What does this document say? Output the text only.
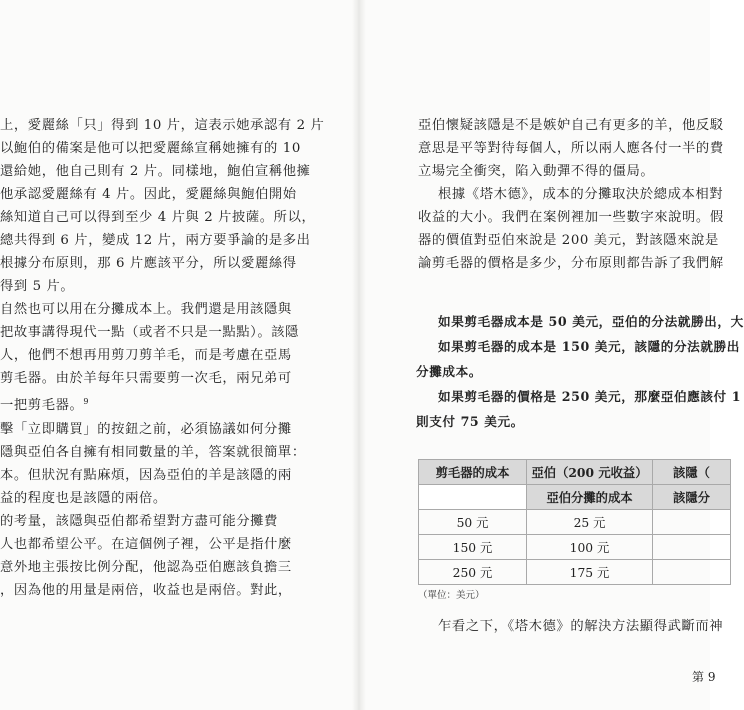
上，愛麗絲「只」得到 10 片，這表示她承認有 2 片
以鮑伯的備案是他可以把愛麗絲宣稱她擁有的 10
還給她，他自己則有 2 片。同樣地，鮑伯宣稱他擁
他承認愛麗絲有 4 片。因此，愛麗絲與鮑伯開始
絲知道自己可以得到至少 4 片與 2 片披薩。所以，
總共得到 6 片，變成 12 片，兩方要爭論的是多出
根據分布原則，那 6 片應該平分，所以愛麗絲得
得到 5 片。
自然也可以用在分攤成本上。我們還是用該隱與
把故事講得現代一點（或者不只是一點點）。該隱
人，他們不想再用剪刀剪羊毛，而是考慮在亞馬
剪毛器。由於羊每年只需要剪一次毛，兩兄弟可
一把剪毛器。$^9$
擊「立即購買」的按鈕之前，必須協議如何分攤
隱與亞伯各自擁有相同數量的羊，答案就很簡單：
本。但狀況有點麻煩，因為亞伯的羊是該隱的兩
益的程度也是該隱的兩倍。
的考量，該隱與亞伯都希望對方盡可能分攤費
人也都希望公平。在這個例子裡，公平是指什麼
意外地主張按比例分配，他認為亞伯應該負擔三
，因為他的用量是兩倍，收益也是兩倍。對此，
亞伯懷疑該隱是不是嫉妒自己有更多的羊，他反駁
意思是平等對待每個人，所以兩人應各付一半的費
立場完全衝突，陷入動彈不得的僵局。
根據《塔木德》，成本的分攤取決於總成本相對
收益的大小。我們在案例裡加一些數字來說明。假
器的價值對亞伯來說是 200 美元，對該隱來說是
論剪毛器的價格是多少，分布原則都告訴了我們解
如果剪毛器成本是 50 美元，亞伯的分法就勝出，大
如果剪毛器的成本是 150 美元，該隱的分法就勝出
分攤成本。
如果剪毛器的價格是 250 美元，那麼亞伯應該付 1
則支付 75 美元。
剪毛器的成本	亞伯（200 元收益）	該隱（
	亞伯分攤的成本	該隱分
50 元	25 元	
150 元	100 元	
250 元	175 元	
（單位：美元）
乍看之下，《塔木德》的解決方法顯得武斷而神
第 9
